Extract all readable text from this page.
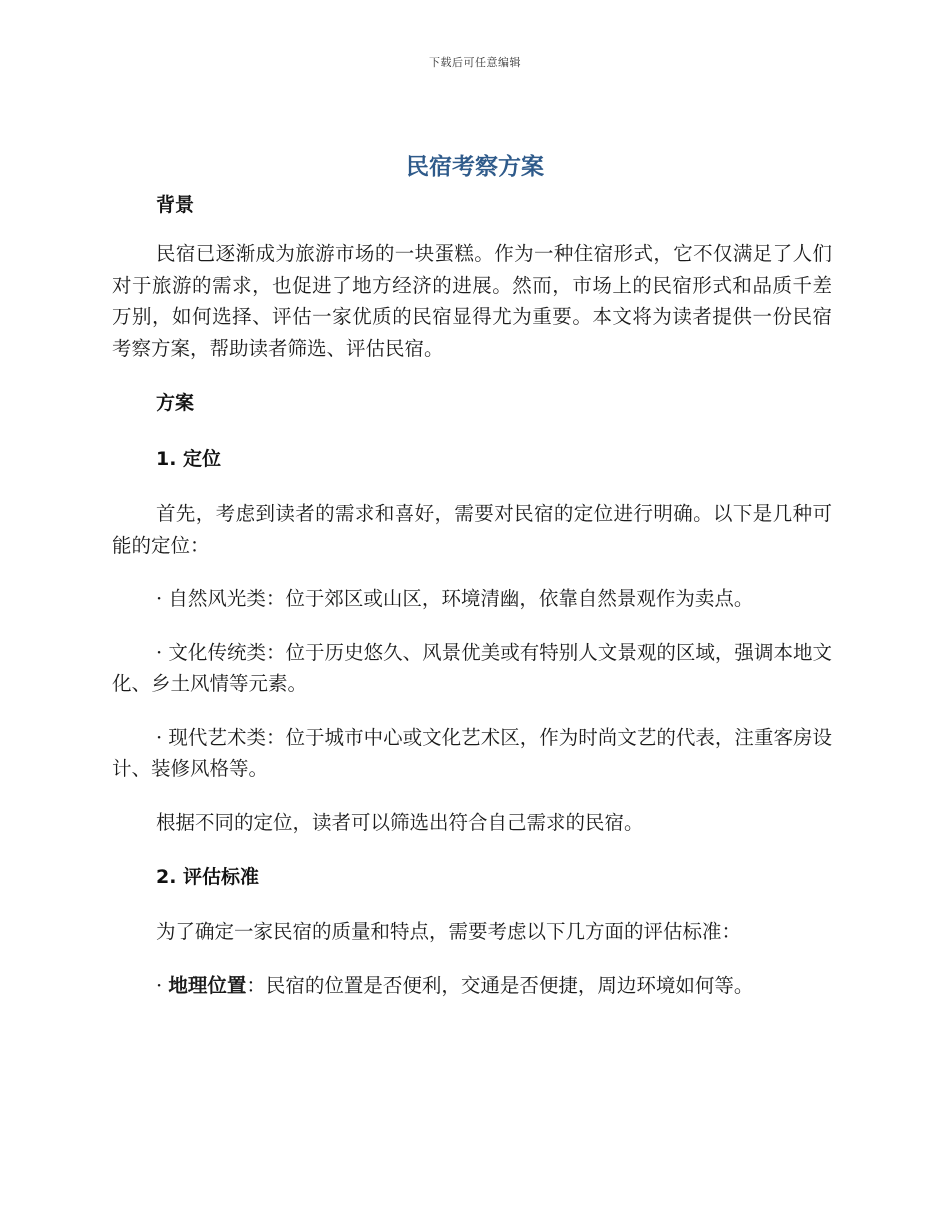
下载后可任意编辑
民宿考察方案

背景

民宿已逐渐成为旅游市场的一块蛋糕。作为一种住宿形式，它不仅满足了人们对于旅游的需求，也促进了地方经济的进展。然而，市场上的民宿形式和品质千差万别，如何选择、评估一家优质的民宿显得尤为重要。本文将为读者提供一份民宿考察方案，帮助读者筛选、评估民宿。

方案

1. 定位

首先，考虑到读者的需求和喜好，需要对民宿的定位进行明确。以下是几种可能的定位：

· 自然风光类：位于郊区或山区，环境清幽，依靠自然景观作为卖点。

· 文化传统类：位于历史悠久、风景优美或有特别人文景观的区域，强调本地文化、乡土风情等元素。

· 现代艺术类：位于城市中心或文化艺术区，作为时尚文艺的代表，注重客房设计、装修风格等。

根据不同的定位，读者可以筛选出符合自己需求的民宿。

2. 评估标准

为了确定一家民宿的质量和特点，需要考虑以下几方面的评估标准：

· 地理位置：民宿的位置是否便利，交通是否便捷，周边环境如何等。
